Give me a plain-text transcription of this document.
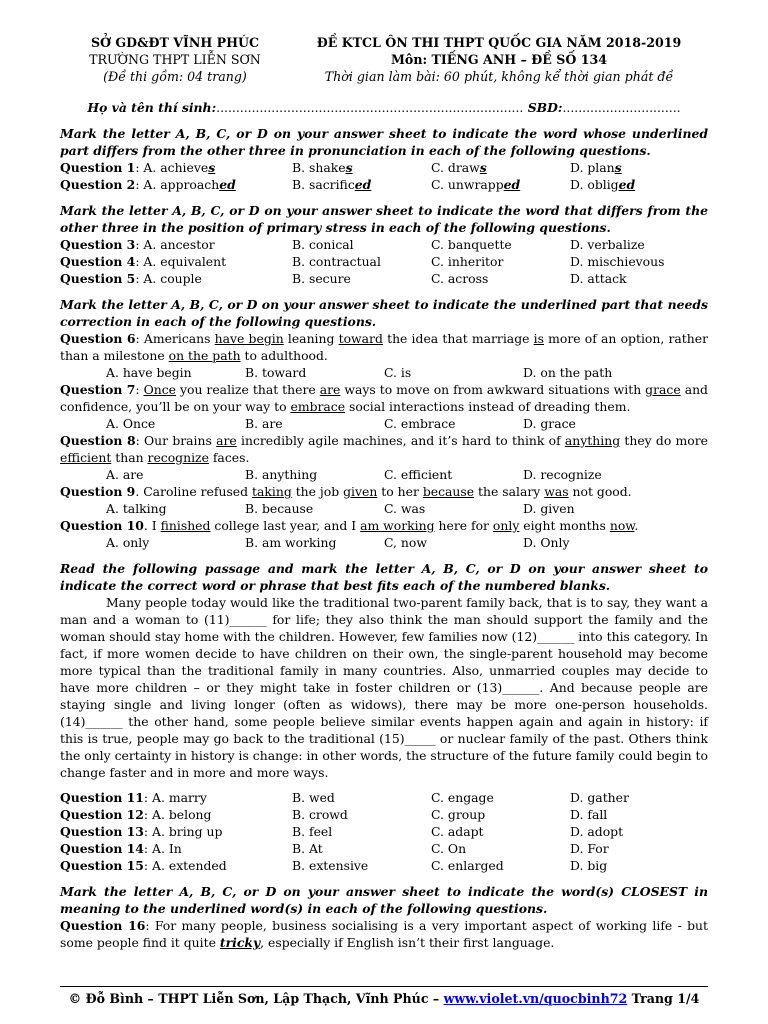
SỞ GD&ĐT VĨNH PHÚC
TRƯỜNG THPT LIỄN SƠN
(Đề thi gồm: 04 trang)
ĐỀ KTCL ÔN THI THPT QUỐC GIA NĂM 2018-2019
Môn: TIẾNG ANH – ĐỀ SỐ 134
Thời gian làm bài: 60 phút, không kể thời gian phát đề
Họ và tên thí sinh:.............................................................................. SBD:..............................
Mark the letter A, B, C, or D on your answer sheet to indicate the word whose underlined part differs from the other three in pronunciation in each of the following questions.
Question 1: A. achieves	B. shakes	C. draws	D. plans
Question 2: A. approached	B. sacrificed	C. unwrapped	D. obliged
Mark the letter A, B, C, or D on your answer sheet to indicate the word that differs from the other three in the position of primary stress in each of the following questions.
Question 3: A. ancestor	B. conical	C. banquette	D. verbalize
Question 4: A. equivalent	B. contractual	C. inheritor	D. mischievous
Question 5: A. couple	B. secure	C. across	D. attack
Mark the letter A, B, C, or D on your answer sheet to indicate the underlined part that needs correction in each of the following questions.
Question 6: Americans have begin leaning toward the idea that marriage is more of an option, rather than a milestone on the path to adulthood.
A. have begin	B. toward	C. is	D. on the path
Question 7: Once you realize that there are ways to move on from awkward situations with grace and confidence, you’ll be on your way to embrace social interactions instead of dreading them.
A. Once	B. are	C. embrace	D. grace
Question 8: Our brains are incredibly agile machines, and it’s hard to think of anything they do more efficient than recognize faces.
A. are	B. anything	C. efficient	D. recognize
Question 9. Caroline refused taking the job given to her because the salary was not good.
A. talking	B. because	C. was	D. given
Question 10. I finished college last year, and I am working here for only eight months now.
A. only	B. am working	C, now	D. Only
Read the following passage and mark the letter A, B, C, or D on your answer sheet to indicate the correct word or phrase that best fits each of the numbered blanks.
Many people today would like the traditional two-parent family back, that is to say, they want a man and a woman to (11)______ for life; they also think the man should support the family and the woman should stay home with the children. However, few families now (12)______ into this category. In fact, if more women decide to have children on their own, the single-parent household may become more typical than the traditional family in many countries. Also, unmarried couples may decide to have more children – or they might take in foster children or (13)______. And because people are staying single and living longer (often as widows), there may be more one-person households. (14)______ the other hand, some people believe similar events happen again and again in history: if this is true, people may go back to the traditional (15)_____ or nuclear family of the past. Others think the only certainty in history is change: in other words, the structure of the future family could begin to change faster and in more and more ways.
Question 11: A. marry	B. wed	C. engage	D. gather
Question 12: A. belong	B. crowd	C. group	D. fall
Question 13: A. bring up	B. feel	C. adapt	D. adopt
Question 14: A. In	B. At	C. On	D. For
Question 15: A. extended	B. extensive	C. enlarged	D. big
Mark the letter A, B, C, or D on your answer sheet to indicate the word(s) CLOSEST in meaning to the underlined word(s) in each of the following questions.
Question 16: For many people, business socialising is a very important aspect of working life - but some people find it quite tricky, especially if English isn’t their first language.
© Đỗ Bình – THPT Liễn Sơn, Lập Thạch, Vĩnh Phúc – www.violet.vn/quocbinh72 Trang 1/4
